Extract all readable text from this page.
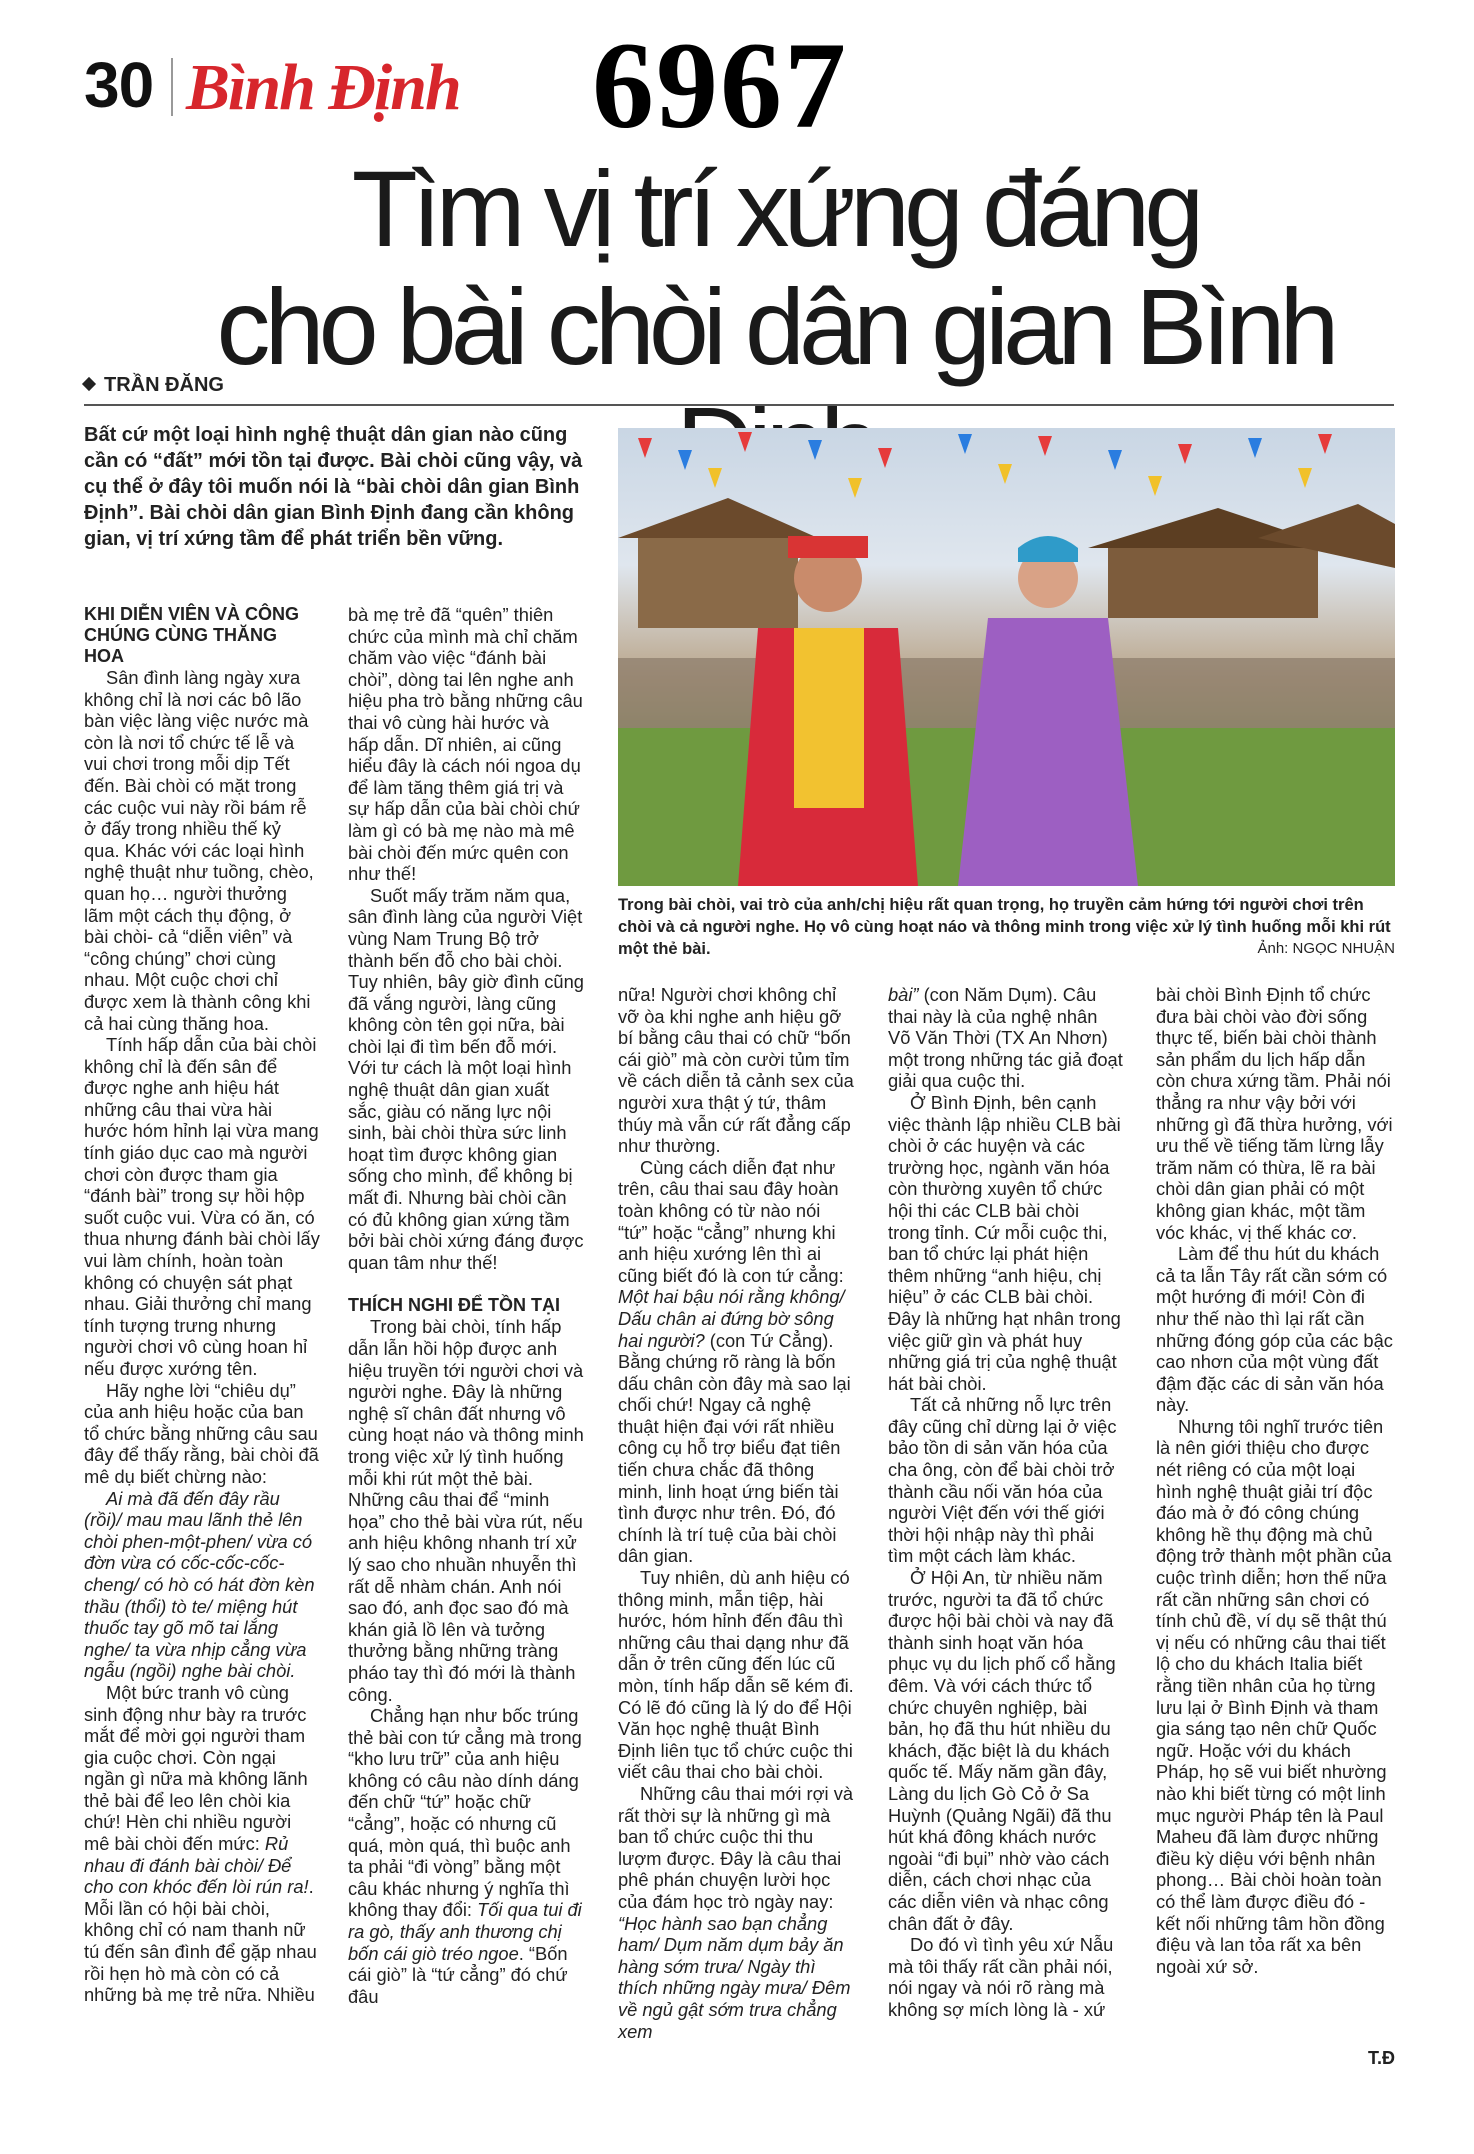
30 Bình Định 6967
Tìm vị trí xứng đáng
cho bài chòi dân gian Bình
TRẦN ĐĂNG
Bất cứ một loại hình nghệ thuật dân gian nào cũng cần có “đất” mới tồn tại được. Bài chòi cũng vậy, và cụ thể ở đây tôi muốn nói là “bài chòi dân gian Bình Định”. Bài chòi dân gian Bình Định đang cần không gian, vị trí xứng tầm để phát triển bền vững.
Trong bài chòi, vai trò của anh/chị hiệu rất quan trọng, họ truyền cảm hứng tới người chơi trên chòi và cả người nghe. Họ vô cùng hoạt náo và thông minh trong việc xử lý tình huống mỗi khi rút một thẻ bài.	Ảnh: NGỌC NHUẬN
KHI DIỄN VIÊN VÀ CÔNG CHÚNG CÙNG THĂNG HOA

Sân đình làng ngày xưa không chỉ là nơi các bô lão bàn việc làng việc nước mà còn là nơi tổ chức tế lễ và vui chơi trong mỗi dịp Tết đến. Bài chòi có mặt trong các cuộc vui này rồi bám rễ ở đấy trong nhiều thế kỷ qua. Khác với các loại hình nghệ thuật như tuồng, chèo, quan họ… người thưởng lãm một cách thụ động, ở bài chòi- cả “diễn viên” và “công chúng” chơi cùng nhau. Một cuộc chơi chỉ được xem là thành công khi cả hai cùng thăng hoa.

Tính hấp dẫn của bài chòi không chỉ là đến sân để được nghe anh hiệu hát những câu thai vừa hài hước hóm hỉnh lại vừa mang tính giáo dục cao mà người chơi còn được tham gia “đánh bài” trong sự hồi hộp suốt cuộc vui. Vừa có ăn, có thua nhưng đánh bài chòi lấy vui làm chính, hoàn toàn không có chuyện sát phạt nhau. Giải thưởng chỉ mang tính tượng trưng nhưng người chơi vô cùng hoan hỉ nếu được xướng tên.

Hãy nghe lời “chiêu dụ” của anh hiệu hoặc của ban tổ chức bằng những câu sau đây để thấy rằng, bài chòi đã mê dụ biết chừng nào:

Ai mà đã đến đây rầu (rồi)/ mau mau lãnh thẻ lên chòi phen-một-phen/ vừa có đờn vừa có cốc-cốc-cốc-cheng/ có hò có hát đờn kèn thầu (thổi) tò te/ miệng hút thuốc tay gõ mõ tai lắng nghe/ ta vừa nhịp cẳng vừa ngẫu (ngồi) nghe bài chòi.

Một bức tranh vô cùng sinh động như bày ra trước mắt để mời gọi người tham gia cuộc chơi. Còn ngại ngần gì nữa mà không lãnh thẻ bài để leo lên chòi kia chứ! Hèn chi nhiều người mê bài chòi đến mức: Rủ nhau đi đánh bài chòi/ Để cho con khóc đến lòi rún ra!. Mỗi lần có hội bài chòi, không chỉ có nam thanh nữ tú đến sân đình để gặp nhau rồi hẹn hò mà còn có cả những bà mẹ trẻ nữa. Nhiều

bà mẹ trẻ đã “quên” thiên chức của mình mà chỉ chăm chăm vào việc “đánh bài chòi”, dòng tai lên nghe anh hiệu pha trò bằng những câu thai vô cùng hài hước và hấp dẫn. Dĩ nhiên, ai cũng hiểu đây là cách nói ngoa dụ để làm tăng thêm giá trị và sự hấp dẫn của bài chòi chứ làm gì có bà mẹ nào mà mê bài chòi đến mức quên con như thế!

Suốt mấy trăm năm qua, sân đình làng của người Việt vùng Nam Trung Bộ trở thành bến đỗ cho bài chòi. Tuy nhiên, bây giờ đình cũng đã vắng người, làng cũng không còn tên gọi nữa, bài chòi lại đi tìm bến đỗ mới. Với tư cách là một loại hình nghệ thuật dân gian xuất sắc, giàu có năng lực nội sinh, bài chòi thừa sức linh hoạt tìm được không gian sống cho mình, để không bị mất đi. Nhưng bài chòi cần có đủ không gian xứng tầm bởi bài chòi xứng đáng được quan tâm như thế!

THÍCH NGHI ĐỂ TỒN TẠI

Trong bài chòi, tính hấp dẫn lẫn hồi hộp được anh hiệu truyền tới người chơi và người nghe. Đây là những nghệ sĩ chân đất nhưng vô cùng hoạt náo và thông minh trong việc xử lý tình huống mỗi khi rút một thẻ bài. Những câu thai để “minh họa” cho thẻ bài vừa rút, nếu anh hiệu không nhanh trí xử lý sao cho nhuần nhuyễn thì rất dễ nhàm chán. Anh nói sao đó, anh đọc sao đó mà khán giả lồ lên và tưởng thưởng bằng những tràng pháo tay thì đó mới là thành công.

Chẳng hạn như bốc trúng thẻ bài con tứ cẳng mà trong “kho lưu trữ” của anh hiệu không có câu nào dính dáng đến chữ “tứ” hoặc chữ “cẳng”, hoặc có nhưng cũ quá, mòn quá, thì buộc anh ta phải “đi vòng” bằng một câu khác nhưng ý nghĩa thì không thay đổi: Tối qua tui đi ra gò, thấy anh thương chị bốn cái giò tréo ngoe. “Bốn cái giò” là “tứ cẳng” đó chứ đâu

nữa! Người chơi không chỉ vỡ òa khi nghe anh hiệu gỡ bí bằng câu thai có chữ “bốn cái giò” mà còn cười tủm tỉm về cách diễn tả cảnh sex của người xưa thật ý tứ, thâm thúy mà vẫn cứ rất đẳng cấp như thường.

Cùng cách diễn đạt như trên, câu thai sau đây hoàn toàn không có từ nào nói “tứ” hoặc “cẳng” nhưng khi anh hiệu xướng lên thì ai cũng biết đó là con tứ cẳng: Một hai bậu nói rằng không/ Dấu chân ai đứng bờ sông hai người? (con Tứ Cẳng). Bằng chứng rõ ràng là bốn dấu chân còn đây mà sao lại chối chứ! Ngay cả nghệ thuật hiện đại với rất nhiều công cụ hỗ trợ biểu đạt tiên tiến chưa chắc đã thông minh, linh hoạt ứng biến tài tình được như trên. Đó, đó chính là trí tuệ của bài chòi dân gian.

Tuy nhiên, dù anh hiệu có thông minh, mẫn tiệp, hài hước, hóm hỉnh đến đâu thì những câu thai dạng như đã dẫn ở trên cũng đến lúc cũ mòn, tính hấp dẫn sẽ kém đi. Có lẽ đó cũng là lý do để Hội Văn học nghệ thuật Bình Định liên tục tổ chức cuộc thi viết câu thai cho bài chòi.

Những câu thai mới rợi và rất thời sự là những gì mà ban tổ chức cuộc thi thu lượm được. Đây là câu thai phê phán chuyện lười học của đám học trò ngày nay: “Học hành sao bạn chẳng ham/ Dụm năm dụm bảy ăn hàng sớm trưa/ Ngày thì thích những ngày mưa/ Đêm về ngủ gật sớm trưa chẳng xem

bài” (con Năm Dụm). Câu thai này là của nghệ nhân Võ Văn Thời (TX An Nhơn) một trong những tác giả đoạt giải qua cuộc thi.

Ở Bình Định, bên cạnh việc thành lập nhiều CLB bài chòi ở các huyện và các trường học, ngành văn hóa còn thường xuyên tổ chức hội thi các CLB bài chòi trong tỉnh. Cứ mỗi cuộc thi, ban tổ chức lại phát hiện thêm những “anh hiệu, chị hiệu” ở các CLB bài chòi. Đây là những hạt nhân trong việc giữ gìn và phát huy những giá trị của nghệ thuật hát bài chòi.

Tất cả những nỗ lực trên đây cũng chỉ dừng lại ở việc bảo tồn di sản văn hóa của cha ông, còn để bài chòi trở thành cầu nối văn hóa của người Việt đến với thế giới thời hội nhập này thì phải tìm một cách làm khác.

Ở Hội An, từ nhiều năm trước, người ta đã tổ chức được hội bài chòi và nay đã thành sinh hoạt văn hóa phục vụ du lịch phố cổ hằng đêm. Và với cách thức tổ chức chuyên nghiệp, bài bản, họ đã thu hút nhiều du khách, đặc biệt là du khách quốc tế. Mấy năm gần đây, Làng du lịch Gò Cỏ ở Sa Huỳnh (Quảng Ngãi) đã thu hút khá đông khách nước ngoài “đi bụi” nhờ vào cách diễn, cách chơi nhạc của các diễn viên và nhạc công chân đất ở đây.

Do đó vì tình yêu xứ Nẫu mà tôi thấy rất cần phải nói, nói ngay và nói rõ ràng mà không sợ mích lòng là - xứ

bài chòi Bình Định tổ chức đưa bài chòi vào đời sống thực tế, biến bài chòi thành sản phẩm du lịch hấp dẫn còn chưa xứng tầm. Phải nói thẳng ra như vậy bởi với những gì đã thừa hưởng, với ưu thế về tiếng tăm lừng lẫy trăm năm có thừa, lẽ ra bài chòi dân gian phải có một không gian khác, một tầm vóc khác, vị thế khác cơ.

Làm để thu hút du khách cả ta lẫn Tây rất cần sớm có một hướng đi mới! Còn đi như thế nào thì lại rất cần những đóng góp của các bậc cao nhơn của một vùng đất đậm đặc các di sản văn hóa này.

Nhưng tôi nghĩ trước tiên là nên giới thiệu cho được nét riêng có của một loại hình nghệ thuật giải trí độc đáo mà ở đó công chúng không hề thụ động mà chủ động trở thành một phần của cuộc trình diễn; hơn thế nữa rất cần những sân chơi có tính chủ đề, ví dụ sẽ thật thú vị nếu có những câu thai tiết lộ cho du khách Italia biết rằng tiền nhân của họ từng lưu lại ở Bình Định và tham gia sáng tạo nên chữ Quốc ngữ. Hoặc với du khách Pháp, họ sẽ vui biết nhường nào khi biết từng có một linh mục người Pháp tên là Paul Maheu đã làm được những điều kỳ diệu với bệnh nhân phong… Bài chòi hoàn toàn có thể làm được điều đó - kết nối những tâm hồn đồng điệu và lan tỏa rất xa bên ngoài xứ sở.

T.Đ
